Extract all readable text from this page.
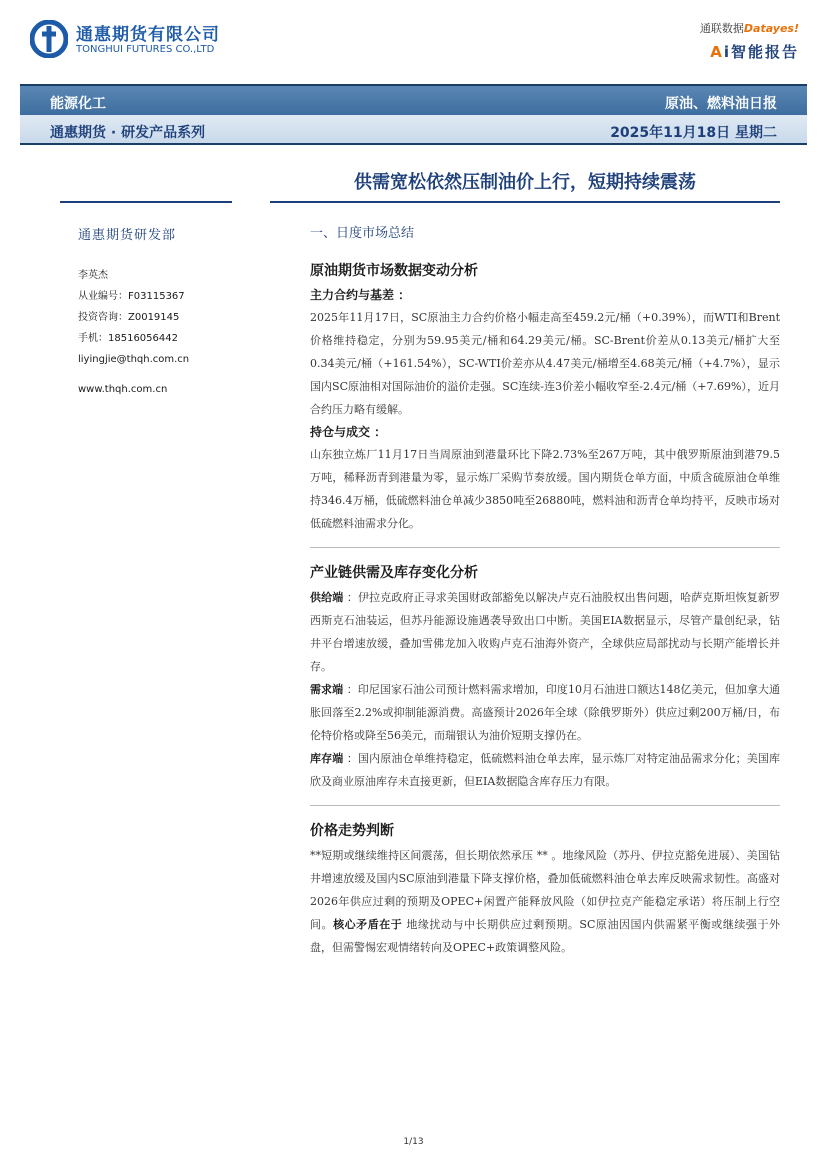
通惠期货有限公司
TONGHUI FUTURES CO.,LTD
通联数据Datayes!
Ai智能报告
能源化工	原油、燃料油日报
通惠期货 · 研发产品系列	2025年11月18日 星期二
供需宽松依然压制油价上行，短期持续震荡
通惠期货研发部
李英杰
从业编号：F03115367
投资咨询：Z0019145
手机：18516056442
liyingjie@thqh.com.cn
www.thqh.com.cn
一、日度市场总结
原油期货市场数据变动分析
主力合约与基差 ：
2025年11月17日，SC原油主力合约价格小幅走高至459.2元/桶（+0.39%），而WTI和Brent价格维持稳定，分别为59.95美元/桶和64.29美元/桶。SC-Brent价差从0.13美元/桶扩大至0.34美元/桶（+161.54%），SC-WTI价差亦从4.47美元/桶增至4.68美元/桶（+4.7%），显示国内SC原油相对国际油价的溢价走强。SC连续-连3价差小幅收窄至-2.4元/桶（+7.69%），近月合约压力略有缓解。
持仓与成交 ：
山东独立炼厂11月17日当周原油到港量环比下降2.73%至267万吨，其中俄罗斯原油到港79.5万吨，稀释沥青到港量为零，显示炼厂采购节奏放缓。国内期货仓单方面，中质含硫原油仓单维持346.4万桶，低硫燃料油仓单减少3850吨至26880吨，燃料油和沥青仓单均持平，反映市场对低硫燃料油需求分化。
产业链供需及库存变化分析
供给端 ：伊拉克政府正寻求美国财政部豁免以解决卢克石油股权出售问题，哈萨克斯坦恢复新罗西斯克石油装运，但苏丹能源设施遇袭导致出口中断。美国EIA数据显示，尽管产量创纪录，钻井平台增速放缓，叠加雪佛龙加入收购卢克石油海外资产，全球供应局部扰动与长期产能增长并存。
需求端 ：印尼国家石油公司预计燃料需求增加，印度10月石油进口额达148亿美元，但加拿大通胀回落至2.2%或抑制能源消费。高盛预计2026年全球（除俄罗斯外）供应过剩200万桶/日，布伦特价格或降至56美元，而瑞银认为油价短期支撑仍在。
库存端 ：国内原油仓单维持稳定，低硫燃料油仓单去库，显示炼厂对特定油品需求分化；美国库欣及商业原油库存未直接更新，但EIA数据隐含库存压力有限。
价格走势判断
**短期或继续维持区间震荡，但长期依然承压 ** 。地缘风险（苏丹、伊拉克豁免进展）、美国钻井增速放缓及国内SC原油到港量下降支撑价格，叠加低硫燃料油仓单去库反映需求韧性。高盛对2026年供应过剩的预期及OPEC+闲置产能释放风险（如伊拉克产能稳定承诺）将压制上行空间。核心矛盾在于 地缘扰动与中长期供应过剩预期。SC原油因国内供需紧平衡或继续强于外盘，但需警惕宏观情绪转向及OPEC+政策调整风险。
1/13
